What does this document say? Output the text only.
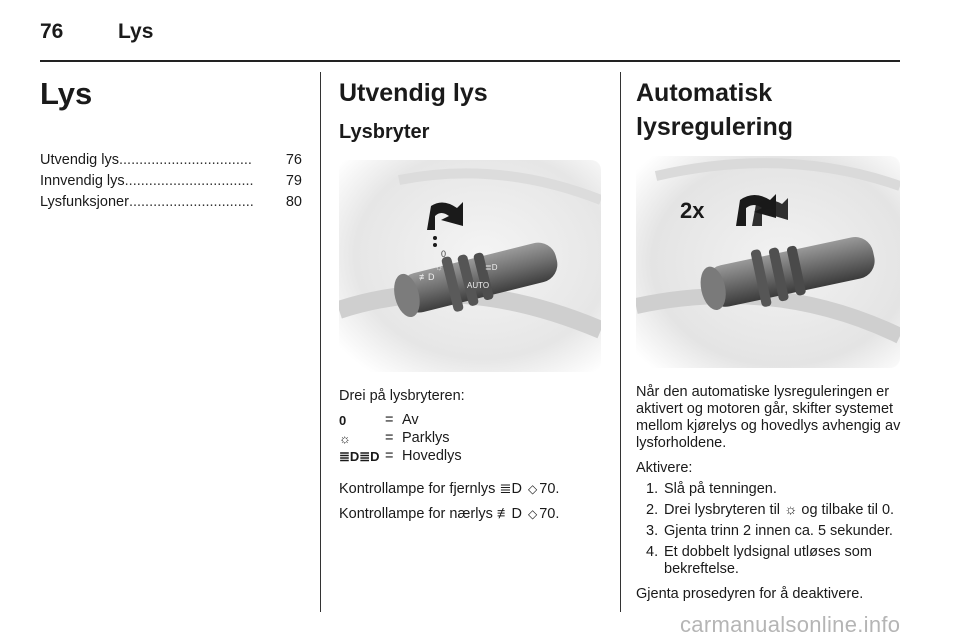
76	Lys
Lys
Utvendig lys .................................	76
Innvendig lys ................................	79
Lysfunksjoner ...............................	80
Utvendig lys
Lysbryter
≢D
AUTO
0
☼	≣D
Drei på lysbryteren:
0	= Av
☼	= Parklys
≣D≣D = Hovedlys
Kontrollampe for fjernlys ≣D ◇ 70.
Kontrollampe for nærlys ≢D ◇ 70.
Automatisk lysregulering
2x
Når den automatiske lysreguleringen er aktivert og motoren går, skifter systemet mellom kjørelys og hovedlys avhengig av lysforholdene.
Aktivere:
1. Slå på tenningen.
2. Drei lysbryteren til ☼ og tilbake til 0.
3. Gjenta trinn 2 innen ca. 5 sekunder.
4. Et dobbelt lydsignal utløses som bekreftelse.
Gjenta prosedyren for å deaktivere.
carmanualsonline.info
